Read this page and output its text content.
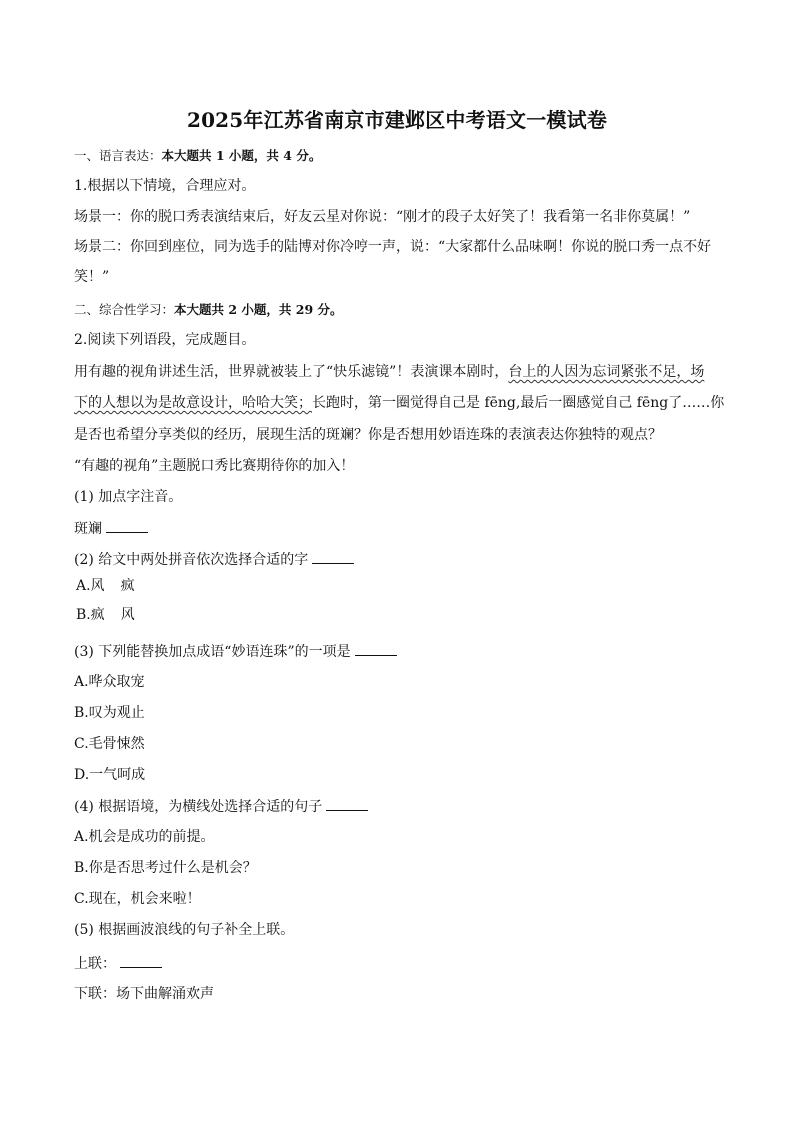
2025年江苏省南京市建邺区中考语文一模试卷
一、语言表达：本大题共 1 小题，共 4 分。
1.根据以下情境，合理应对。
场景一：你的脱口秀表演结束后，好友云星对你说：“刚才的段子太好笑了！我看第一名非你莫属！”
场景二：你回到座位，同为选手的陆博对你冷哼一声，说：“大家都什么品味啊！你说的脱口秀一点不好
笑！”
二、综合性学习：本大题共 2 小题，共 29 分。
2.阅读下列语段，完成题目。
用有趣的视角讲述生活，世界就被装上了“快乐滤镜”！表演课本剧时，台上的人因为忘词紧张不足，场
下的人想以为是故意设计，哈哈大笑；长跑时，第一圈觉得自己是 fēng,最后一圈感觉自己 fēng了……你
是否也希望分享类似的经历，展现生活的斑斓？你是否想用妙语连珠的表演表达你独特的观点？
“有趣的视角”主题脱口秀比赛期待你的加入！
(1) 加点字注音。
斑斓
(2) 给文中两处拼音依次选择合适的字
A.风 疯
B.疯 风
(3) 下列能替换加点成语“妙语连珠”的一项是
A.哗众取宠
B.叹为观止
C.毛骨悚然
D.一气呵成
(4) 根据语境，为横线处选择合适的句子
A.机会是成功的前提。
B.你是否思考过什么是机会？
C.现在，机会来啦！
(5) 根据画波浪线的句子补全上联。
上联：
下联：场下曲解涌欢声
